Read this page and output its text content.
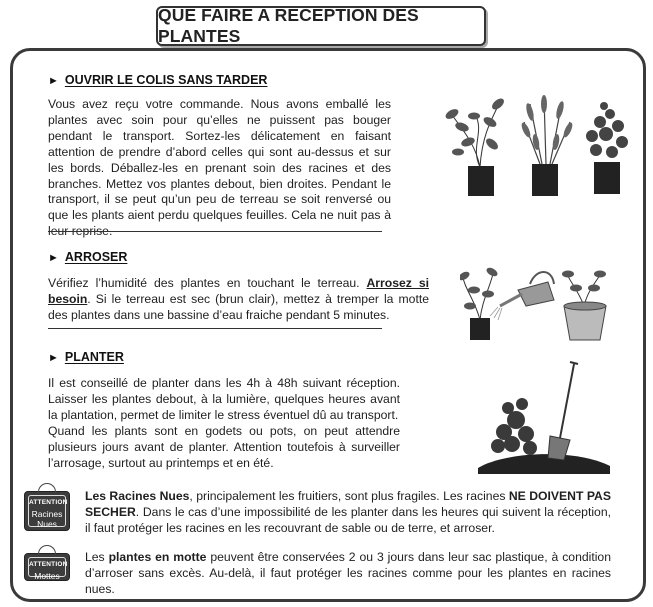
QUE FAIRE A RECEPTION DES PLANTES
► OUVRIR LE COLIS SANS TARDER
Vous avez reçu votre commande. Nous avons emballé les plantes avec soin pour qu’elles ne puissent pas bouger pendant le transport. Sortez-les délicatement en faisant attention de prendre d’abord celles qui sont au-dessus et sur les bords. Déballez-les en prenant soin des racines et des branches. Mettez vos plantes debout, bien droites. Pendant le transport, il se peut qu’un peu de terreau se soit renversé ou que les plants aient perdu quelques feuilles. Cela ne nuit pas à leur reprise.
► ARROSER
Vérifiez l’humidité des plantes en touchant le terreau. Arrosez si besoin. Si le terreau est sec (brun clair), mettez à tremper la motte des plantes dans une bassine d’eau fraiche pendant 5 minutes.
► PLANTER
Il est conseillé de planter dans les 4h à 48h suivant réception. Laisser les plantes debout, à la lumière, quelques heures avant la plantation, permet de limiter le stress éventuel dû au transport.
Quand les plants sont en godets ou pots, on peut attendre plusieurs jours avant de planter. Attention toutefois à surveiller l’arrosage, surtout au printemps et en été.
ATTENTION
Racines
Nues
Les Racines Nues, principalement les fruitiers, sont plus fragiles. Les racines NE DOIVENT PAS SECHER. Dans le cas d’une impossibilité de les planter dans les heures qui suivent la réception, il faut protéger les racines en les recouvrant de sable ou de terre, et arroser.
ATTENTION
Mottes
Les plantes en motte peuvent être conservées 2 ou 3 jours dans leur sac plastique, à condition d’arroser sans excès. Au-delà, il faut protéger les racines comme pour les plantes en racines nues.
